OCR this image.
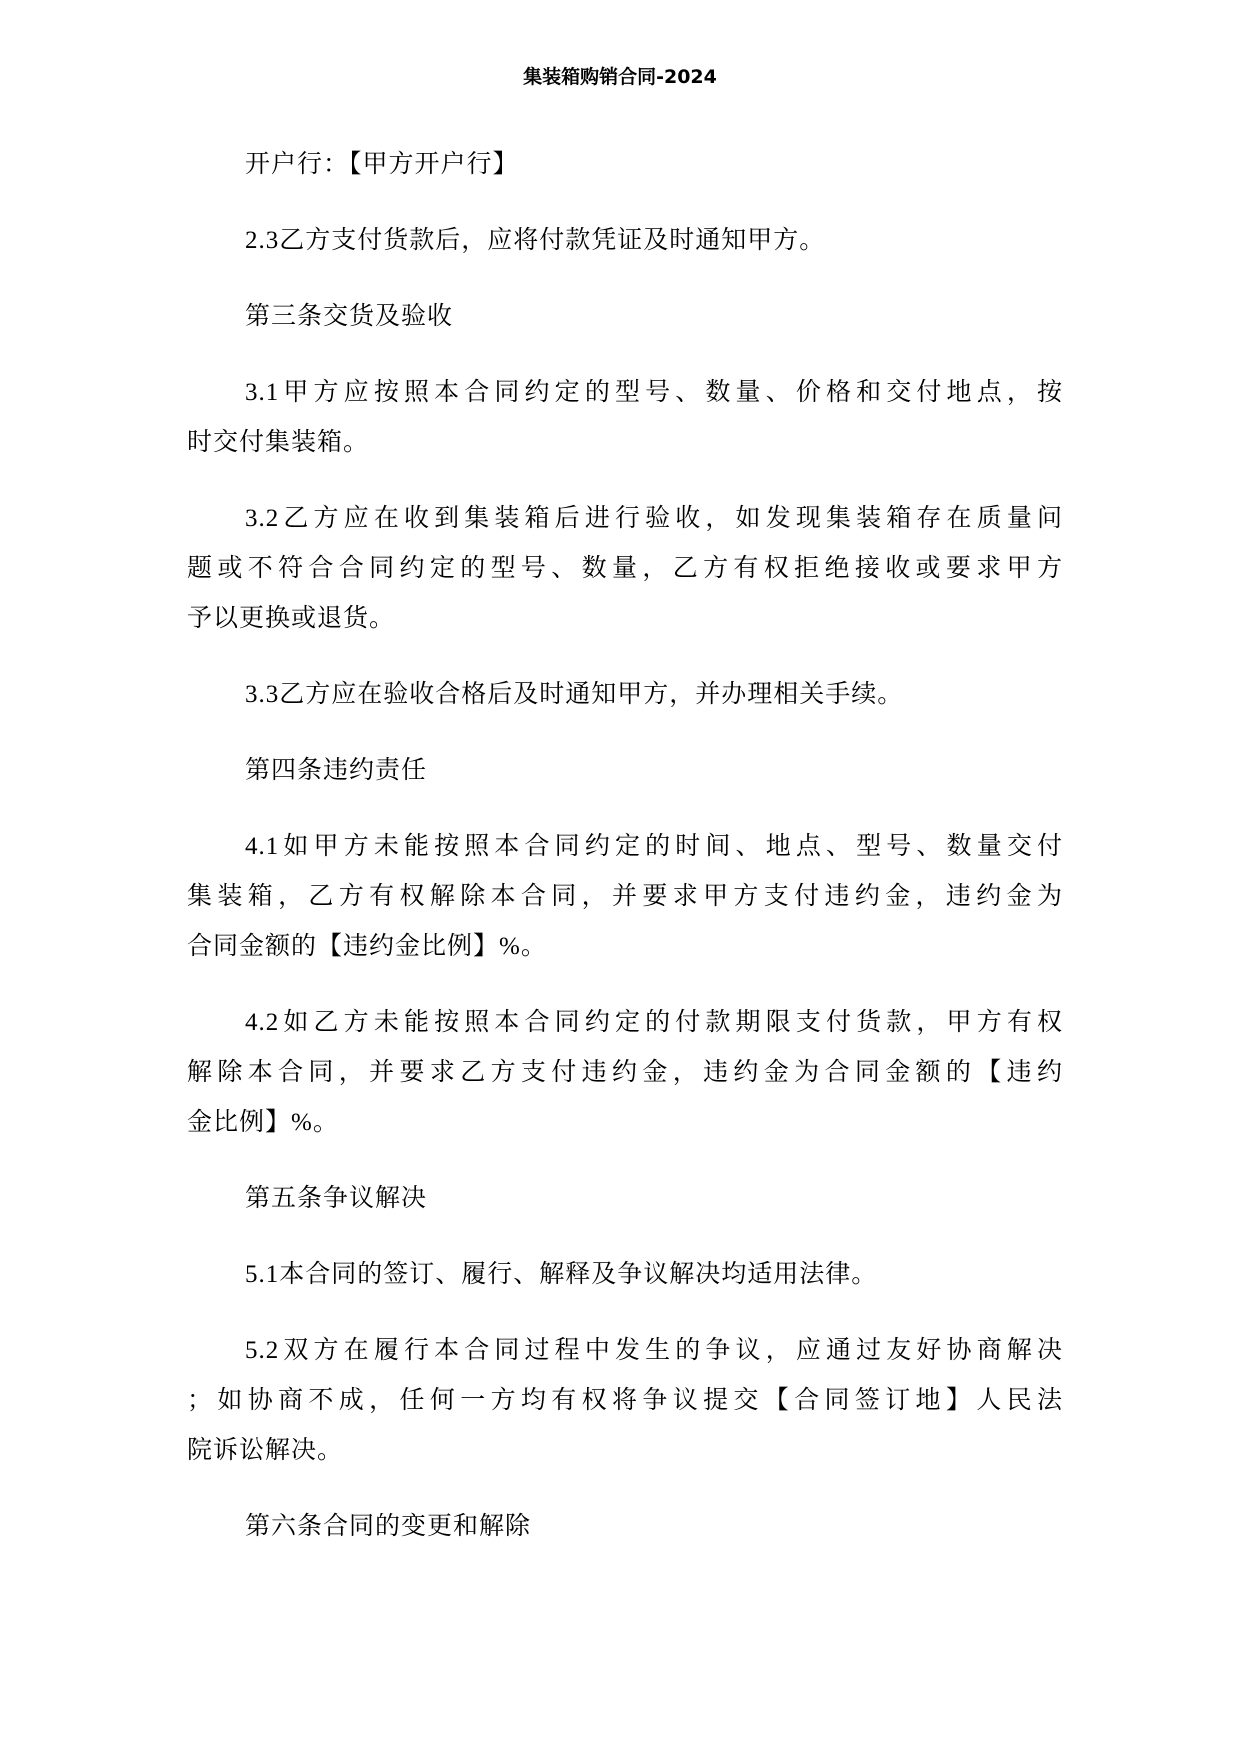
集装箱购销合同-2024
开户行：【甲方开户行】
2.3乙方支付货款后，应将付款凭证及时通知甲方。
第三条交货及验收
3.1甲方应按照本合同约定的型号、数量、价格和交付地点，按
时交付集装箱。
3.2乙方应在收到集装箱后进行验收，如发现集装箱存在质量问
题或不符合合同约定的型号、数量，乙方有权拒绝接收或要求甲方
予以更换或退货。
3.3乙方应在验收合格后及时通知甲方，并办理相关手续。
第四条违约责任
4.1如甲方未能按照本合同约定的时间、地点、型号、数量交付
集装箱，乙方有权解除本合同，并要求甲方支付违约金，违约金为
合同金额的【违约金比例】%。
4.2如乙方未能按照本合同约定的付款期限支付货款，甲方有权
解除本合同，并要求乙方支付违约金，违约金为合同金额的【违约
金比例】%。
第五条争议解决
5.1本合同的签订、履行、解释及争议解决均适用法律。
5.2双方在履行本合同过程中发生的争议，应通过友好协商解决
；如协商不成，任何一方均有权将争议提交【合同签订地】人民法
院诉讼解决。
第六条合同的变更和解除
